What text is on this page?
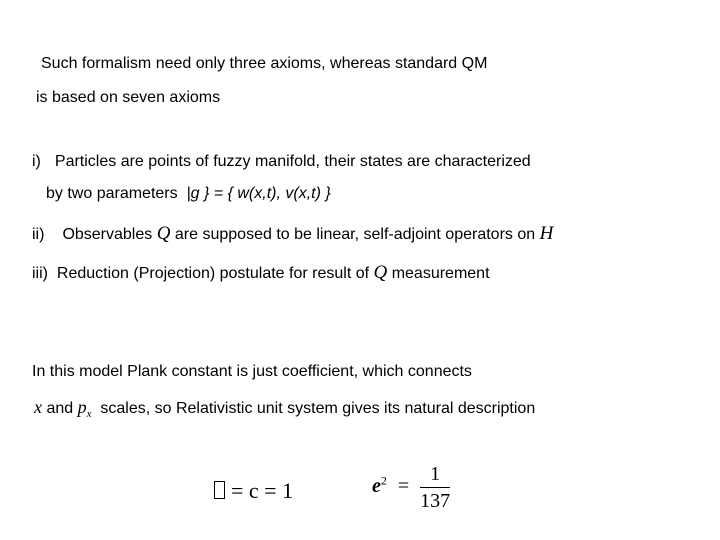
Such formalism need only three axioms, whereas standard QM
is based on seven axioms
i) Particles are points of fuzzy manifold, their states are characterized
by two parameters |g } = { w(x,t), v(x,t) }
ii) Observables Q are supposed to be linear, self-adjoint operators on H
iii) Reduction (Projection) postulate for result of Q measurement
In this model Plank constant is just coefficient, which connects
x and $p_x$ scales, so Relativistic unit system gives its natural description
= c = 1	$e^2 = \frac{1}{137}$
